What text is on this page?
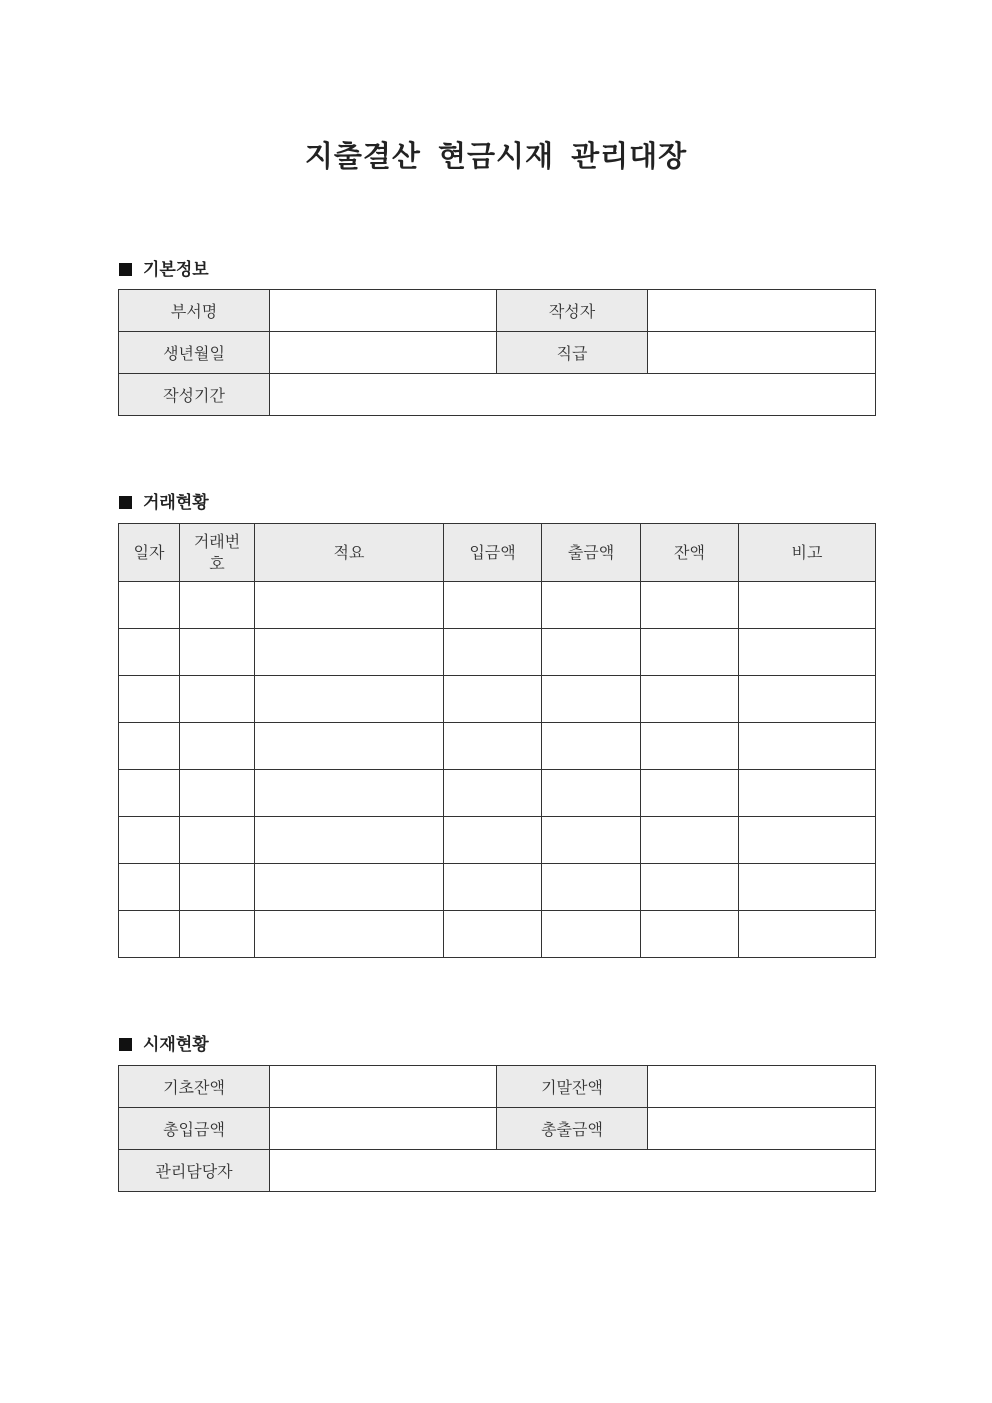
지출결산 현금시재 관리대장
기본정보
부서명		작성자	
생년월일		직급	
작성기간			
거래현황
일자	거래번호	적요	입금액	출금액	잔액	비고

시재현황
기초잔액		기말잔액	
총입금액		총출금액	
관리담당자			
